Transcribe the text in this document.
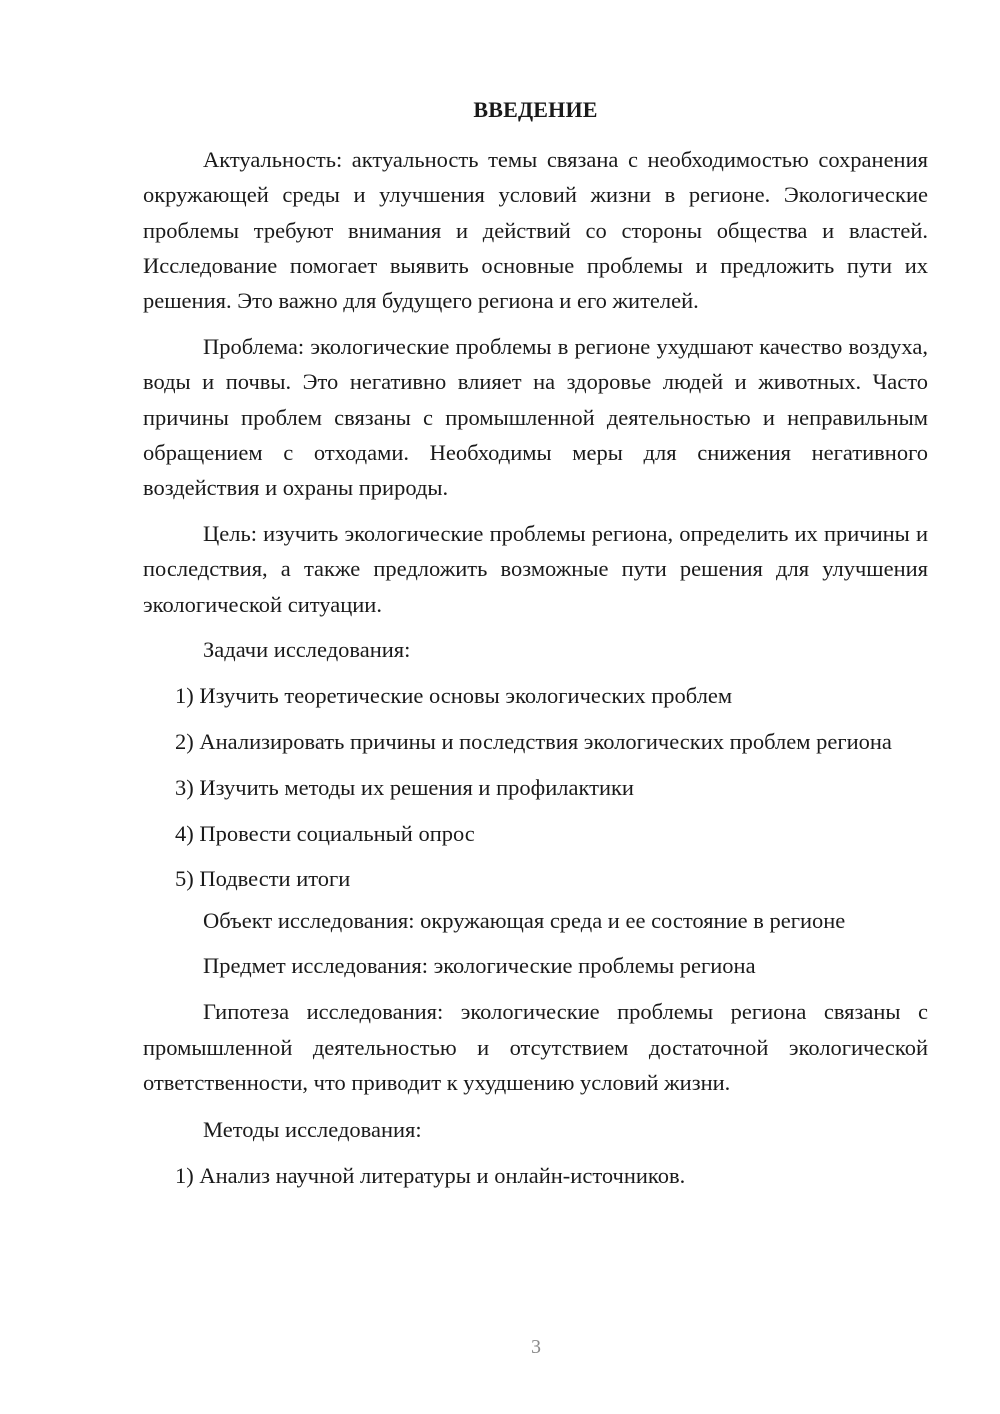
ВВЕДЕНИЕ

Актуальность: актуальность темы связана с необходимостью сохранения окружающей среды и улучшения условий жизни в регионе. Экологические проблемы требуют внимания и действий со стороны общества и властей. Исследование помогает выявить основные проблемы и предложить пути их решения. Это важно для будущего региона и его жителей.

Проблема: экологические проблемы в регионе ухудшают качество воздуха, воды и почвы. Это негативно влияет на здоровье людей и животных. Часто причины проблем связаны с промышленной деятельностью и неправильным обращением с отходами. Необходимы меры для снижения негативного воздействия и охраны природы.

Цель: изучить экологические проблемы региона, определить их причины и последствия, а также предложить возможные пути решения для улучшения экологической ситуации.

Задачи исследования:

1) Изучить теоретические основы экологических проблем

2) Анализировать причины и последствия экологических проблем региона

3) Изучить методы их решения и профилактики

4) Провести социальный опрос

5) Подвести итоги

Объект исследования: окружающая среда и ее состояние в регионе

Предмет исследования: экологические проблемы региона

Гипотеза исследования: экологические проблемы региона связаны с промышленной деятельностью и отсутствием достаточной экологической ответственности, что приводит к ухудшению условий жизни.

Методы исследования:

1) Анализ научной литературы и онлайн-источников.

3
